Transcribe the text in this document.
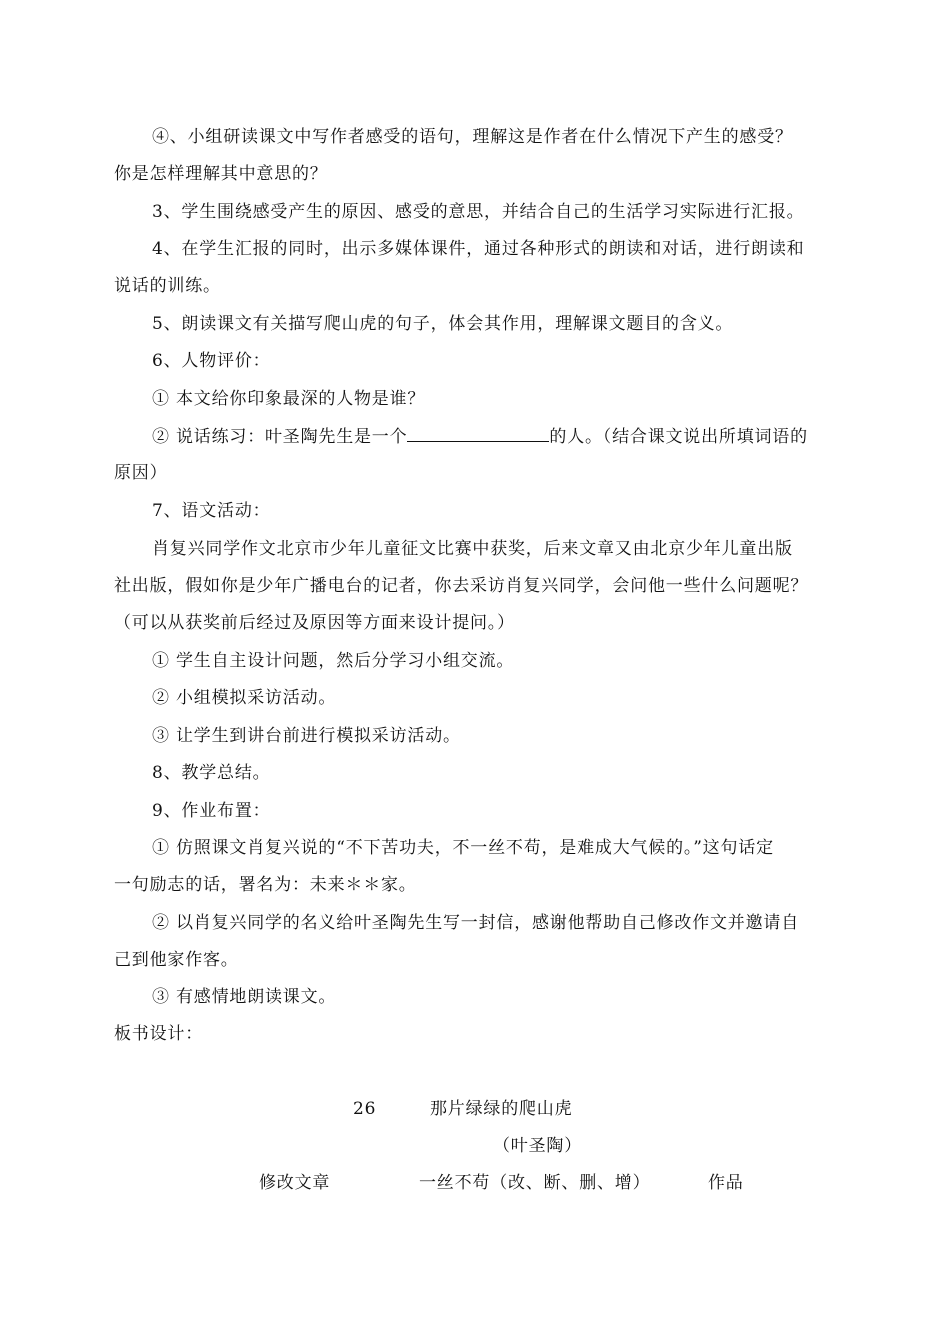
④、小组研读课文中写作者感受的语句，理解这是作者在什么情况下产生的感受？
你是怎样理解其中意思的？
3、学生围绕感受产生的原因、感受的意思，并结合自己的生活学习实际进行汇报。
4、在学生汇报的同时，出示多媒体课件，通过各种形式的朗读和对话，进行朗读和
说话的训练。
5、朗读课文有关描写爬山虎的句子，体会其作用，理解课文题目的含义。
6、人物评价：
① 本文给你印象最深的人物是谁？
② 说话练习：叶圣陶先生是一个	的人。（结合课文说出所填词语的
原因）
7、语文活动：
肖复兴同学作文北京市少年儿童征文比赛中获奖，后来文章又由北京少年儿童出版
社出版，假如你是少年广播电台的记者，你去采访肖复兴同学，会问他一些什么问题呢？
（可以从获奖前后经过及原因等方面来设计提问。）
① 学生自主设计问题，然后分学习小组交流。
② 小组模拟采访活动。
③ 让学生到讲台前进行模拟采访活动。
8、教学总结。
9、作业布置：
① 仿照课文肖复兴说的“不下苦功夫，不一丝不苟，是难成大气候的。”这句话定
一句励志的话，署名为：未来＊＊家。
② 以肖复兴同学的名义给叶圣陶先生写一封信，感谢他帮助自己修改作文并邀请自
己到他家作客。
③ 有感情地朗读课文。
板书设计：
26	那片绿绿的爬山虎
（叶圣陶）
修改文章	一丝不苟（改、断、删、增）	作品
